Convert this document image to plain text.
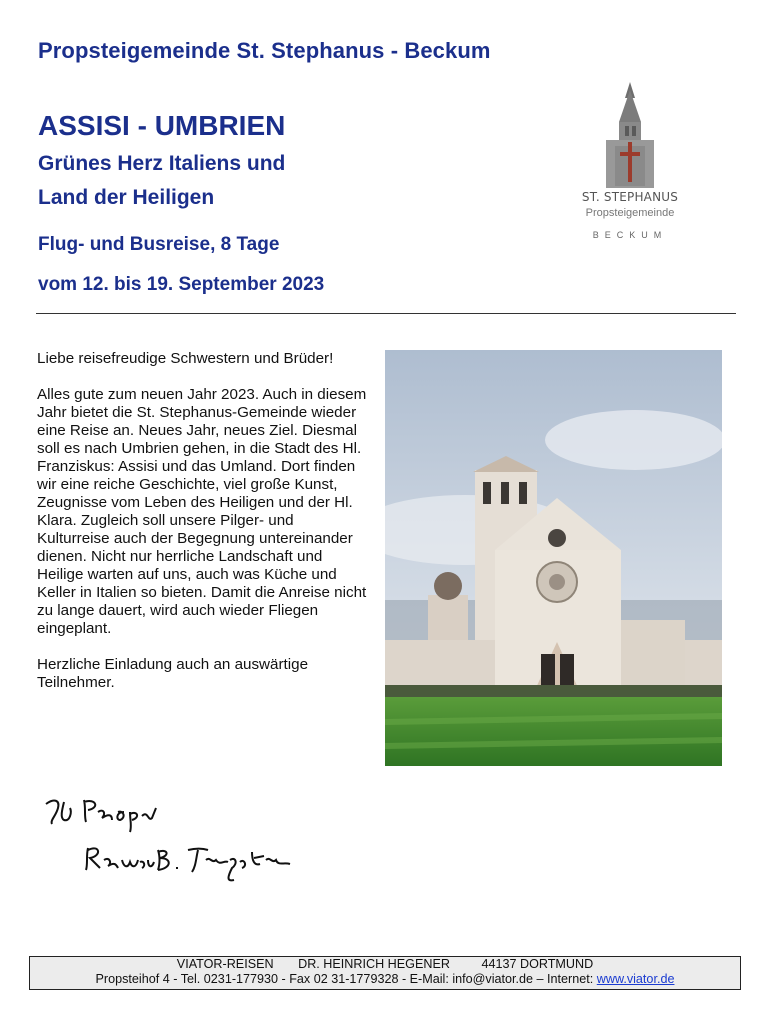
Propsteigemeinde St. Stephanus - Beckum
ASSISI - UMBRIEN
Grünes Herz Italiens und
Land der Heiligen
Flug- und Busreise, 8 Tage
vom 12. bis 19. September 2023
ST. STEPHANUS
Propsteigemeinde
BECKUM

Liebe reisefreudige Schwestern und Brüder!

Alles gute zum neuen Jahr 2023. Auch in diesem Jahr bietet die St. Stephanus-Gemeinde wieder eine Reise an. Neues Jahr, neues Ziel. Diesmal soll es nach Umbrien gehen, in die Stadt des Hl. Franziskus: Assisi und das Umland. Dort finden wir eine reiche Geschichte, viel große Kunst, Zeugnisse vom Leben des Heiligen und der Hl. Klara. Zugleich soll unsere Pilger- und Kulturreise auch der Begegnung untereinander dienen. Nicht nur herrliche Landschaft und Heilige warten auf uns, auch was Küche und Keller in Italien so bieten. Damit die Anreise nicht zu lange dauert, wird auch wieder Fliegen eingeplant.

Herzliche Einladung auch an auswärtige Teilnehmer.

VIATOR-REISEN DR. HEINRICH HEGENER	44137 DORTMUND
Propsteihof 4 - Tel. 0231-177930 - Fax 02 31-1779328 - E-Mail: info@viator.de – Internet: www.viator.de
